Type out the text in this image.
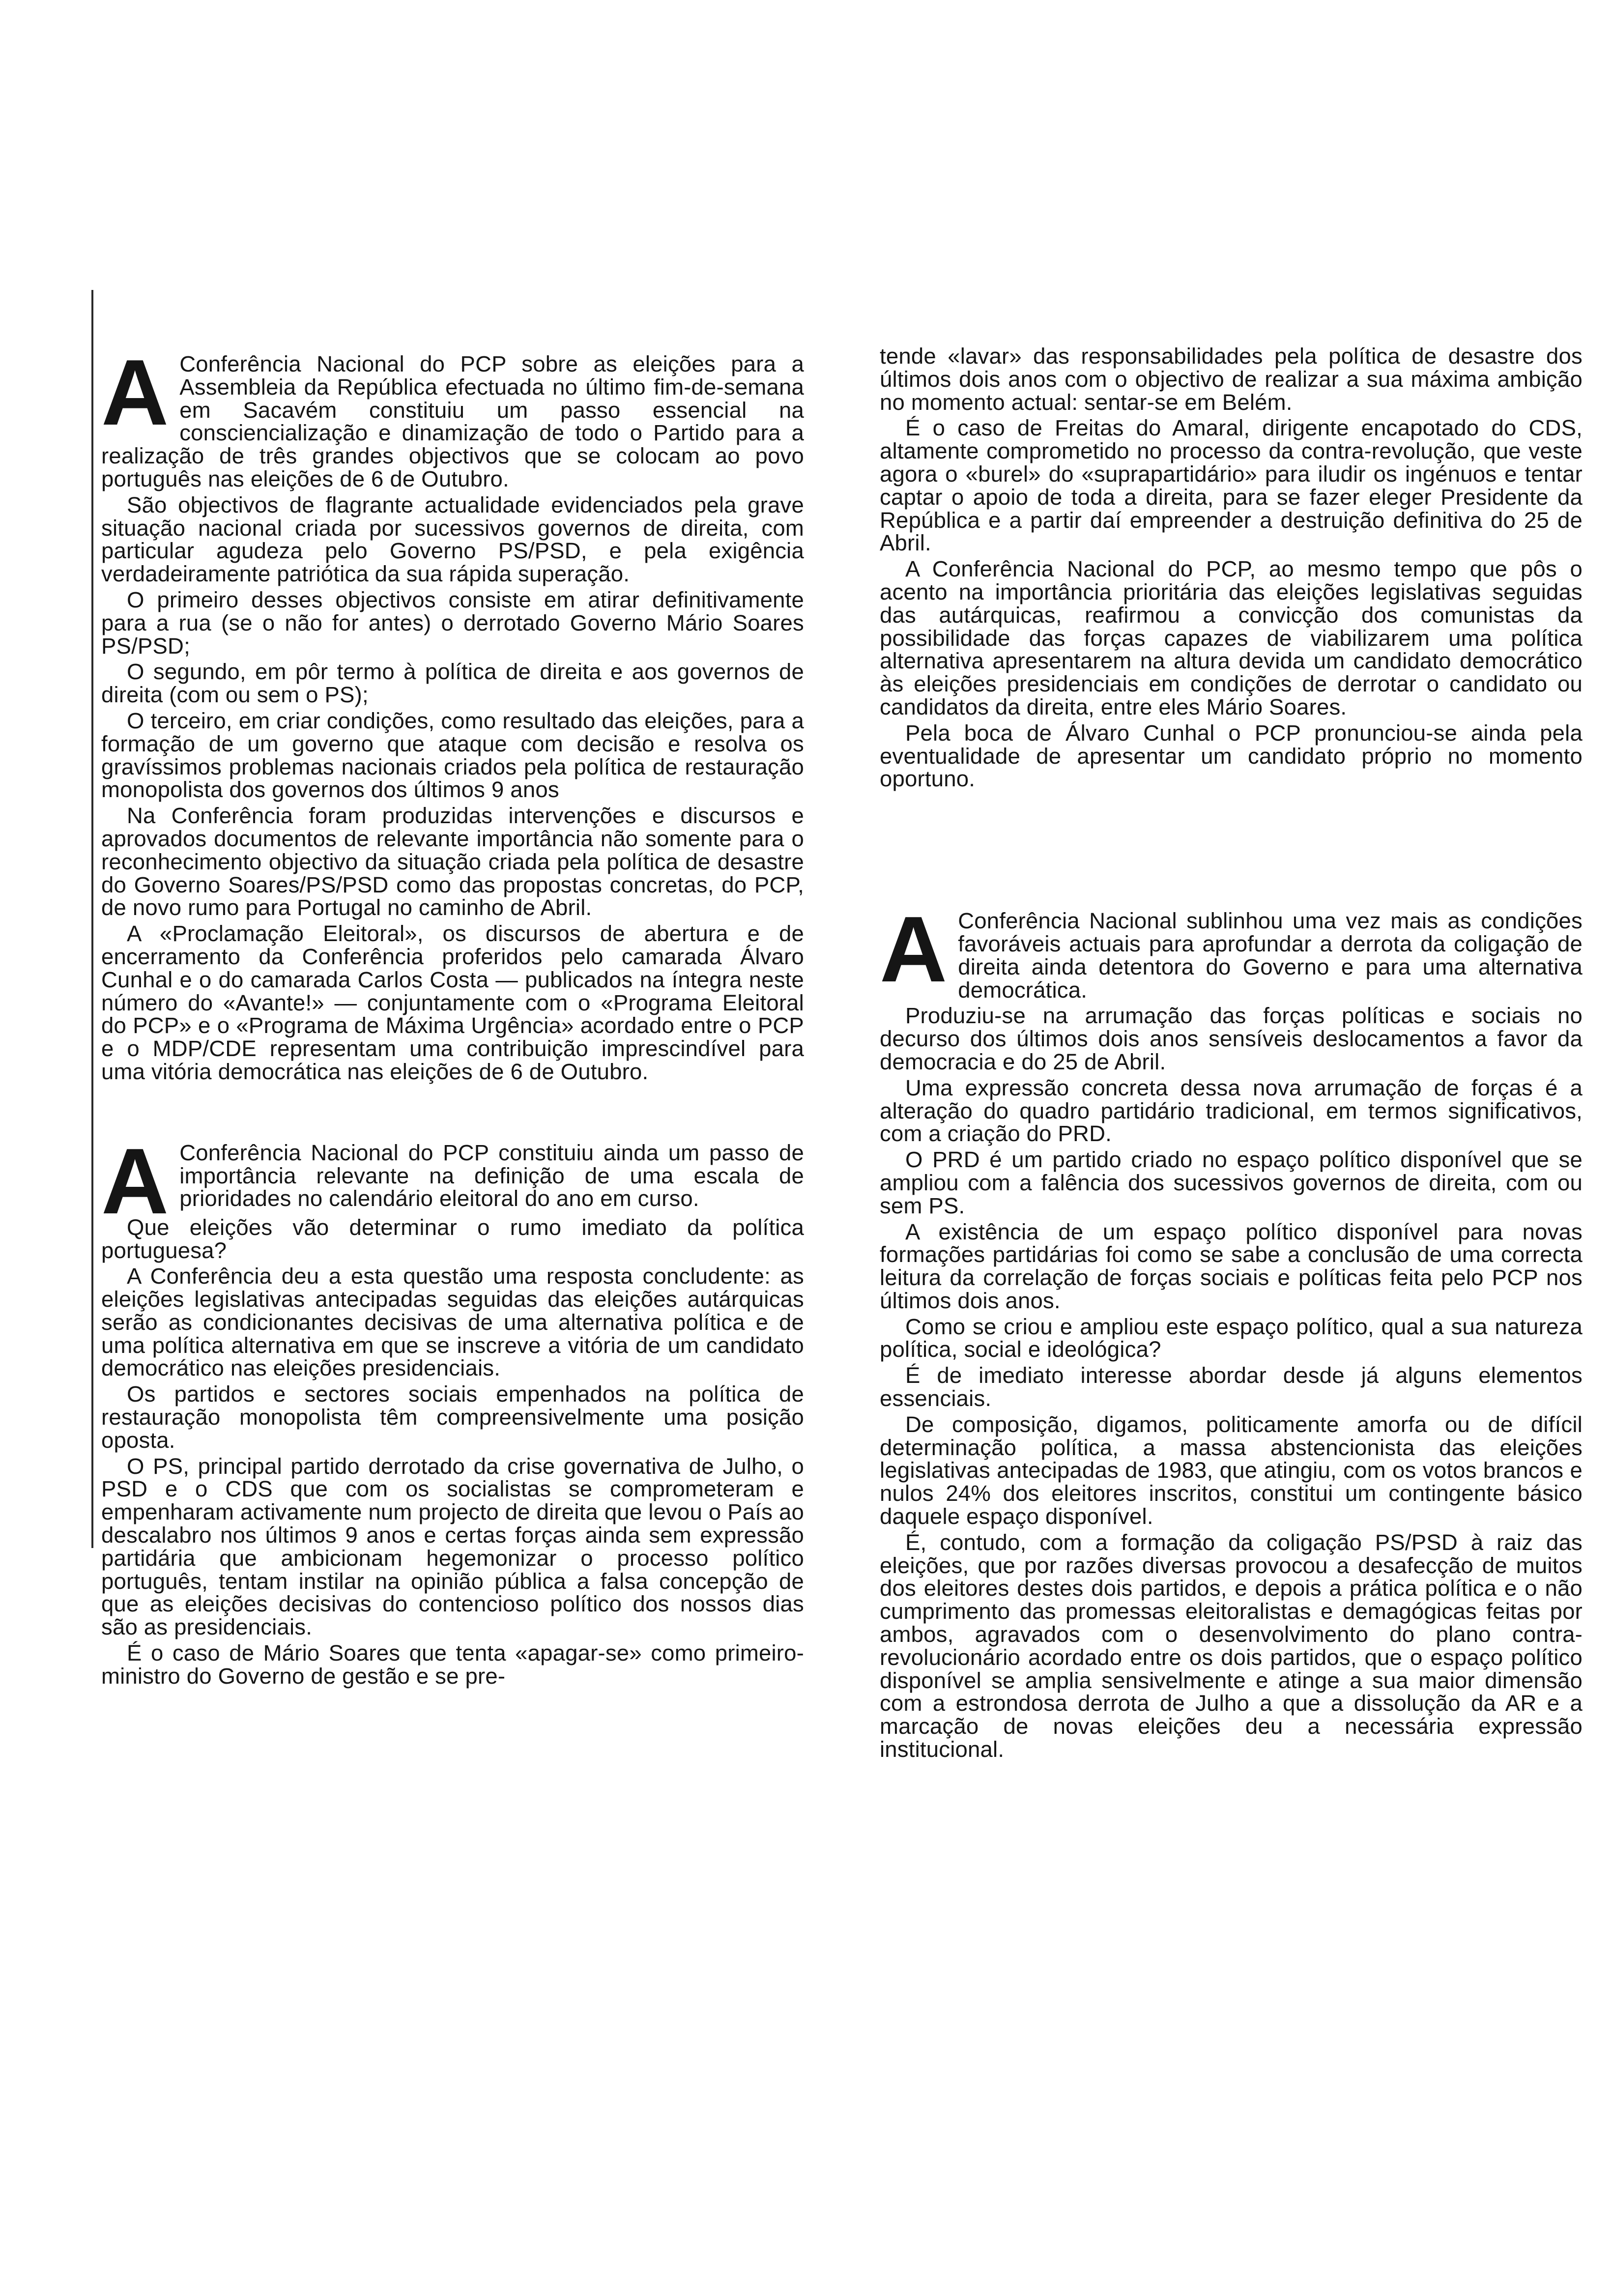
A Conferência Nacional do PCP sobre as eleições para a Assembleia da República efectuada no último fim-de-semana em Sacavém constituiu um passo essencial na consciencialização e dinamização de todo o Partido para a realização de três grandes objectivos que se colocam ao povo português nas eleições de 6 de Outubro.

São objectivos de flagrante actualidade evidenciados pela grave situação nacional criada por sucessivos governos de direita, com particular agudeza pelo Governo PS/PSD, e pela exigência verdadeiramente patriótica da sua rápida superação.

O primeiro desses objectivos consiste em atirar definitivamente para a rua (se o não for antes) o derrotado Governo Mário Soares PS/PSD;

O segundo, em pôr termo à política de direita e aos governos de direita (com ou sem o PS);

O terceiro, em criar condições, como resultado das eleições, para a formação de um governo que ataque com decisão e resolva os gravíssimos problemas nacionais criados pela política de restauração monopolista dos governos dos últimos 9 anos

Na Conferência foram produzidas intervenções e discursos e aprovados documentos de relevante importância não somente para o reconhecimento objectivo da situação criada pela política de desastre do Governo Soares/PS/PSD como das propostas concretas, do PCP, de novo rumo para Portugal no caminho de Abril.

A «Proclamação Eleitoral», os discursos de abertura e de encerramento da Conferência proferidos pelo camarada Álvaro Cunhal e o do camarada Carlos Costa — publicados na íntegra neste número do «Avante!» — conjuntamente com o «Programa Eleitoral do PCP» e o «Programa de Máxima Urgência» acordado entre o PCP e o MDP/CDE representam uma contribuição imprescindível para uma vitória democrática nas eleições de 6 de Outubro.

A Conferência Nacional do PCP constituiu ainda um passo de importância relevante na definição de uma escala de prioridades no calendário eleitoral do ano em curso.

Que eleições vão determinar o rumo imediato da política portuguesa?

A Conferência deu a esta questão uma resposta concludente: as eleições legislativas antecipadas seguidas das eleições autárquicas serão as condicionantes decisivas de uma alternativa política e de uma política alternativa em que se inscreve a vitória de um candidato democrático nas eleições presidenciais.

Os partidos e sectores sociais empenhados na política de restauração monopolista têm compreensivelmente uma posição oposta.

O PS, principal partido derrotado da crise governativa de Julho, o PSD e o CDS que com os socialistas se comprometeram e empenharam activamente num projecto de direita que levou o País ao descalabro nos últimos 9 anos e certas forças ainda sem expressão partidária que ambicionam hegemonizar o processo político português, tentam instilar na opinião pública a falsa concepção de que as eleições decisivas do contencioso político dos nossos dias são as presidenciais.

É o caso de Mário Soares que tenta «apagar-se» como primeiro-ministro do Governo de gestão e se pre-

tende «lavar» das responsabilidades pela política de desastre dos últimos dois anos com o objectivo de realizar a sua máxima ambição no momento actual: sentar-se em Belém.

É o caso de Freitas do Amaral, dirigente encapotado do CDS, altamente comprometido no processo da contra-revolução, que veste agora o «burel» do «suprapartidário» para iludir os ingénuos e tentar captar o apoio de toda a direita, para se fazer eleger Presidente da República e a partir daí empreender a destruição definitiva do 25 de Abril.

A Conferência Nacional do PCP, ao mesmo tempo que pôs o acento na importância prioritária das eleições legislativas seguidas das autárquicas, reafirmou a convicção dos comunistas da possibilidade das forças capazes de viabilizarem uma política alternativa apresentarem na altura devida um candidato democrático às eleições presidenciais em condições de derrotar o candidato ou candidatos da direita, entre eles Mário Soares.

Pela boca de Álvaro Cunhal o PCP pronunciou-se ainda pela eventualidade de apresentar um candidato próprio no momento oportuno.

A Conferência Nacional sublinhou uma vez mais as condições favoráveis actuais para aprofundar a derrota da coligação de direita ainda detentora do Governo e para uma alternativa democrática.

Produziu-se na arrumação das forças políticas e sociais no decurso dos últimos dois anos sensíveis deslocamentos a favor da democracia e do 25 de Abril.

Uma expressão concreta dessa nova arrumação de forças é a alteração do quadro partidário tradicional, em termos significativos, com a criação do PRD.

O PRD é um partido criado no espaço político disponível que se ampliou com a falência dos sucessivos governos de direita, com ou sem PS.

A existência de um espaço político disponível para novas formações partidárias foi como se sabe a conclusão de uma correcta leitura da correlação de forças sociais e políticas feita pelo PCP nos últimos dois anos.

Como se criou e ampliou este espaço político, qual a sua natureza política, social e ideológica?

É de imediato interesse abordar desde já alguns elementos essenciais.

De composição, digamos, politicamente amorfa ou de difícil determinação política, a massa abstencionista das eleições legislativas antecipadas de 1983, que atingiu, com os votos brancos e nulos 24% dos eleitores inscritos, constitui um contingente básico daquele espaço disponível.

É, contudo, com a formação da coligação PS/PSD à raiz das eleições, que por razões diversas provocou a desafecção de muitos dos eleitores destes dois partidos, e depois a prática política e o não cumprimento das promessas eleitoralistas e demagógicas feitas por ambos, agravados com o desenvolvimento do plano contra-revolucionário acordado entre os dois partidos, que o espaço político disponível se amplia sensivelmente e atinge a sua maior dimensão com a estrondosa derrota de Julho a que a dissolução da AR e a marcação de novas eleições deu a necessária expressão institucional.
